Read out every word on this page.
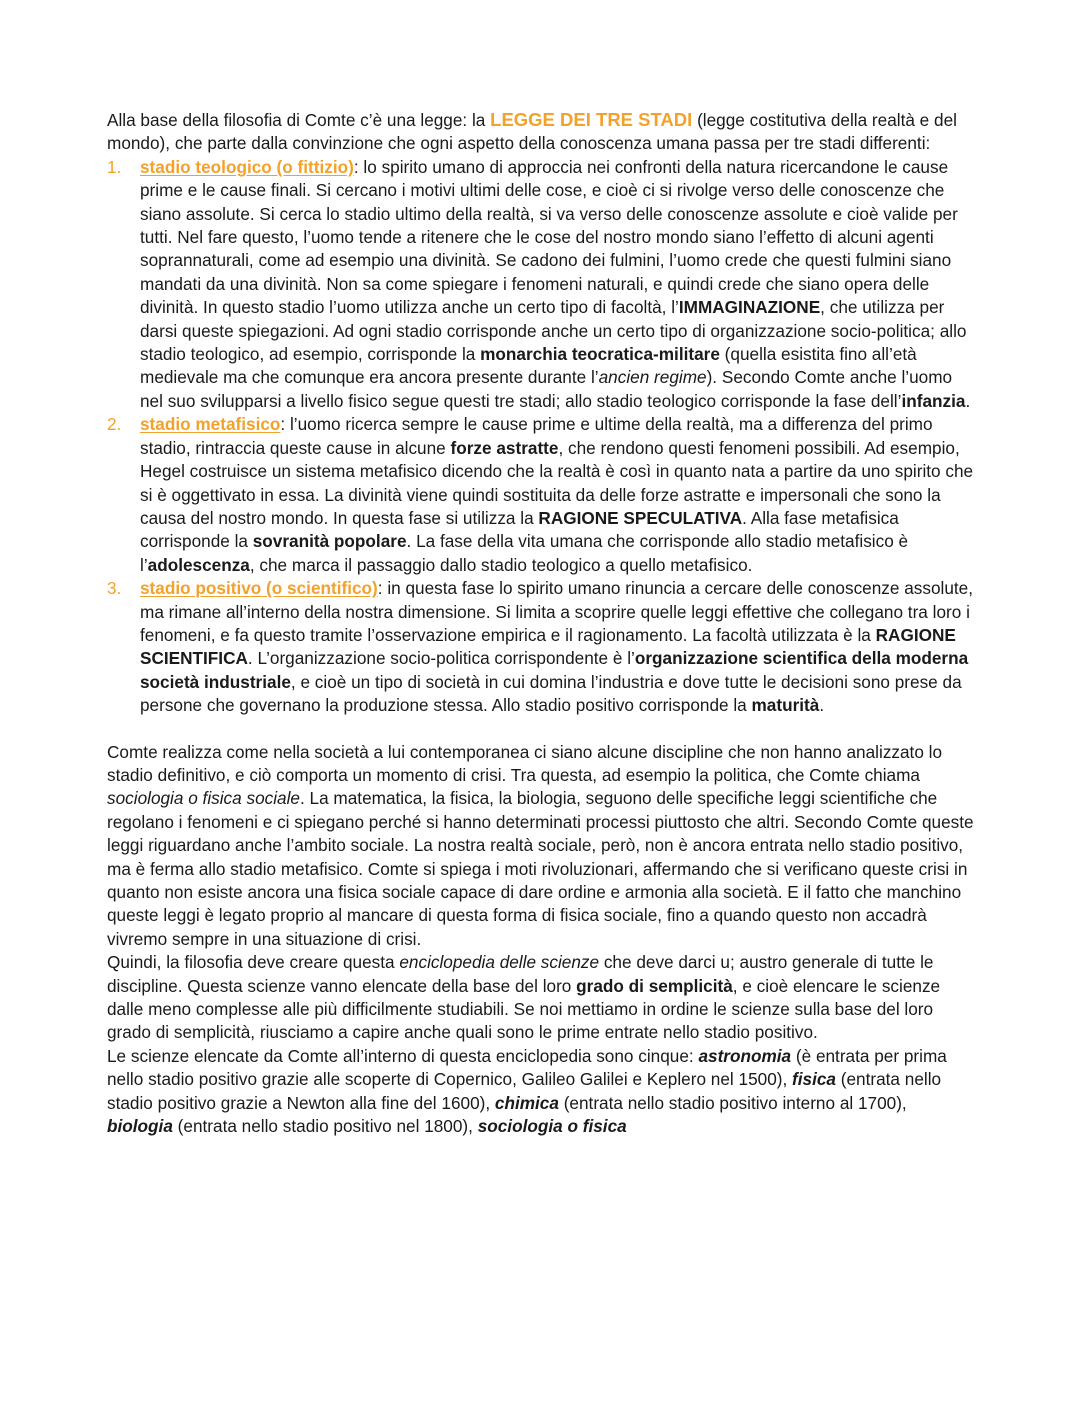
Alla base della filosofia di Comte c’è una legge: la LEGGE DEI TRE STADI (legge costitutiva della realtà e del mondo), che parte dalla convinzione che ogni aspetto della conoscenza umana passa per tre stadi differenti:

1.	stadio teologico (o fittizio): lo spirito umano di approccia nei confronti della natura ricercandone le cause prime e le cause finali. Si cercano i motivi ultimi delle cose, e cioè ci si rivolge verso delle conoscenze che siano assolute. Si cerca lo stadio ultimo della realtà, si va verso delle conoscenze assolute e cioè valide per tutti. Nel fare questo, l’uomo tende a ritenere che le cose del nostro mondo siano l’effetto di alcuni agenti soprannaturali, come ad esempio una divinità. Se cadono dei fulmini, l’uomo crede che questi fulmini siano mandati da una divinità. Non sa come spiegare i fenomeni naturali, e quindi crede che siano opera delle divinità. In questo stadio l’uomo utilizza anche un certo tipo di facoltà, l’IMMAGINAZIONE, che utilizza per darsi queste spiegazioni. Ad ogni stadio corrisponde anche un certo tipo di organizzazione socio-politica; allo stadio teologico, ad esempio, corrisponde la monarchia teocratica-militare (quella esistita fino all’età medievale ma che comunque era ancora presente durante l’ancien regime). Secondo Comte anche l’uomo nel suo svilupparsi a livello fisico segue questi tre stadi; allo stadio teologico corrisponde la fase dell’infanzia.
2.	stadio metafisico: l’uomo ricerca sempre le cause prime e ultime della realtà, ma a differenza del primo stadio, rintraccia queste cause in alcune forze astratte, che rendono questi fenomeni possibili. Ad esempio, Hegel costruisce un sistema metafisico dicendo che la realtà è così in quanto nata a partire da uno spirito che si è oggettivato in essa. La divinità viene quindi sostituita da delle forze astratte e impersonali che sono la causa del nostro mondo. In questa fase si utilizza la RAGIONE SPECULATIVA. Alla fase metafisica corrisponde la sovranità popolare. La fase della vita umana che corrisponde allo stadio metafisico è l’adolescenza, che marca il passaggio dallo stadio teologico a quello metafisico.
3.	stadio positivo (o scientifico): in questa fase lo spirito umano rinuncia a cercare delle conoscenze assolute, ma rimane all’interno della nostra dimensione. Si limita a scoprire quelle leggi effettive che collegano tra loro i fenomeni, e fa questo tramite l’osservazione empirica e il ragionamento. La facoltà utilizzata è la RAGIONE SCIENTIFICA. L’organizzazione socio-politica corrispondente è l’organizzazione scientifica della moderna società industriale, e cioè un tipo di società in cui domina l’industria e dove tutte le decisioni sono prese da persone che governano la produzione stessa. Allo stadio positivo corrisponde la maturità.

Comte realizza come nella società a lui contemporanea ci siano alcune discipline che non hanno analizzato lo stadio definitivo, e ciò comporta un momento di crisi. Tra questa, ad esempio la politica, che Comte chiama sociologia o fisica sociale. La matematica, la fisica, la biologia, seguono delle specifiche leggi scientifiche che regolano i fenomeni e ci spiegano perché si hanno determinati processi piuttosto che altri. Secondo Comte queste leggi riguardano anche l’ambito sociale. La nostra realtà sociale, però, non è ancora entrata nello stadio positivo, ma è ferma allo stadio metafisico. Comte si spiega i moti rivoluzionari, affermando che si verificano queste crisi in quanto non esiste ancora una fisica sociale capace di dare ordine e armonia alla società. E il fatto che manchino queste leggi è legato proprio al mancare di questa forma di fisica sociale, fino a quando questo non accadrà vivremo sempre in una situazione di crisi.

Quindi, la filosofia deve creare questa enciclopedia delle scienze che deve darci u; austro generale di tutte le discipline. Questa scienze vanno elencate della base del loro grado di semplicità, e cioè elencare le scienze dalle meno complesse alle più difficilmente studiabili. Se noi mettiamo in ordine le scienze sulla base del loro grado di semplicità, riusciamo a capire anche quali sono le prime entrate nello stadio positivo.

Le scienze elencate da Comte all’interno di questa enciclopedia sono cinque: astronomia (è entrata per prima nello stadio positivo grazie alle scoperte di Copernico, Galileo Galilei e Keplero nel 1500), fisica (entrata nello stadio positivo grazie a Newton alla fine del 1600), chimica (entrata nello stadio positivo interno al 1700), biologia (entrata nello stadio positivo nel 1800), sociologia o fisica
